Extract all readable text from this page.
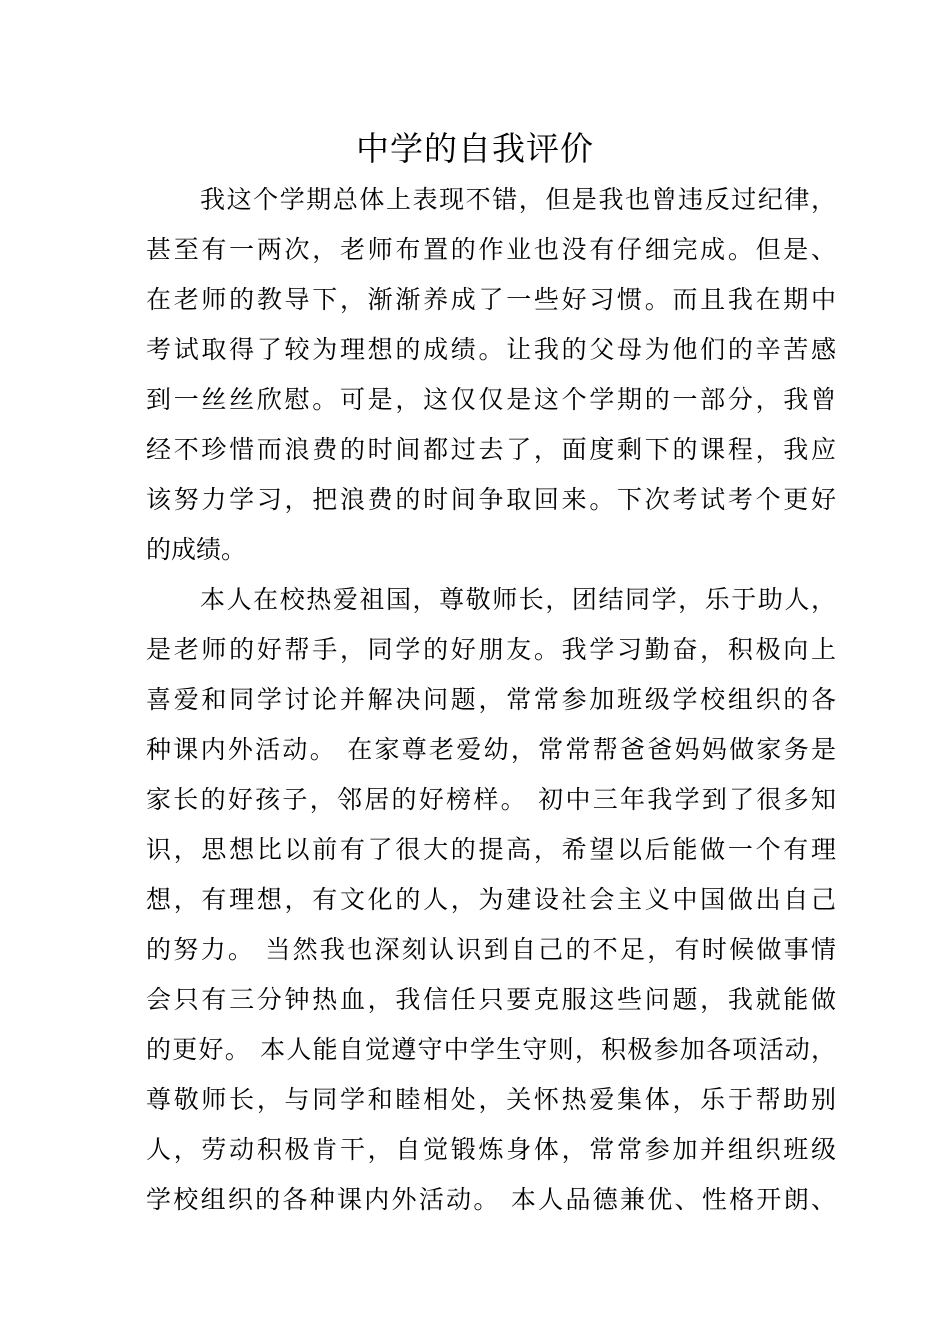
中学的自我评价
我这个学期总体上表现不错，但是我也曾违反过纪律，
甚至有一两次，老师布置的作业也没有仔细完成。但是、
在老师的教导下，渐渐养成了一些好习惯。而且我在期中
考试取得了较为理想的成绩。让我的父母为他们的辛苦感
到一丝丝欣慰。可是，这仅仅是这个学期的一部分，我曾
经不珍惜而浪费的时间都过去了，面度剩下的课程，我应
该努力学习，把浪费的时间争取回来。下次考试考个更好
的成绩。
本人在校热爱祖国，尊敬师长，团结同学，乐于助人，
是老师的好帮手，同学的好朋友。我学习勤奋，积极向上
喜爱和同学讨论并解决问题，常常参加班级学校组织的各
种课内外活动。 在家尊老爱幼，常常帮爸爸妈妈做家务是
家长的好孩子，邻居的好榜样。 初中三年我学到了很多知
识，思想比以前有了很大的提高，希望以后能做一个有理
想，有理想，有文化的人，为建设社会主义中国做出自己
的努力。 当然我也深刻认识到自己的不足，有时候做事情
会只有三分钟热血，我信任只要克服这些问题，我就能做
的更好。 本人能自觉遵守中学生守则，积极参加各项活动，
尊敬师长，与同学和睦相处，关怀热爱集体，乐于帮助别
人，劳动积极肯干，自觉锻炼身体，常常参加并组织班级
学校组织的各种课内外活动。 本人品德兼优、性格开朗、
